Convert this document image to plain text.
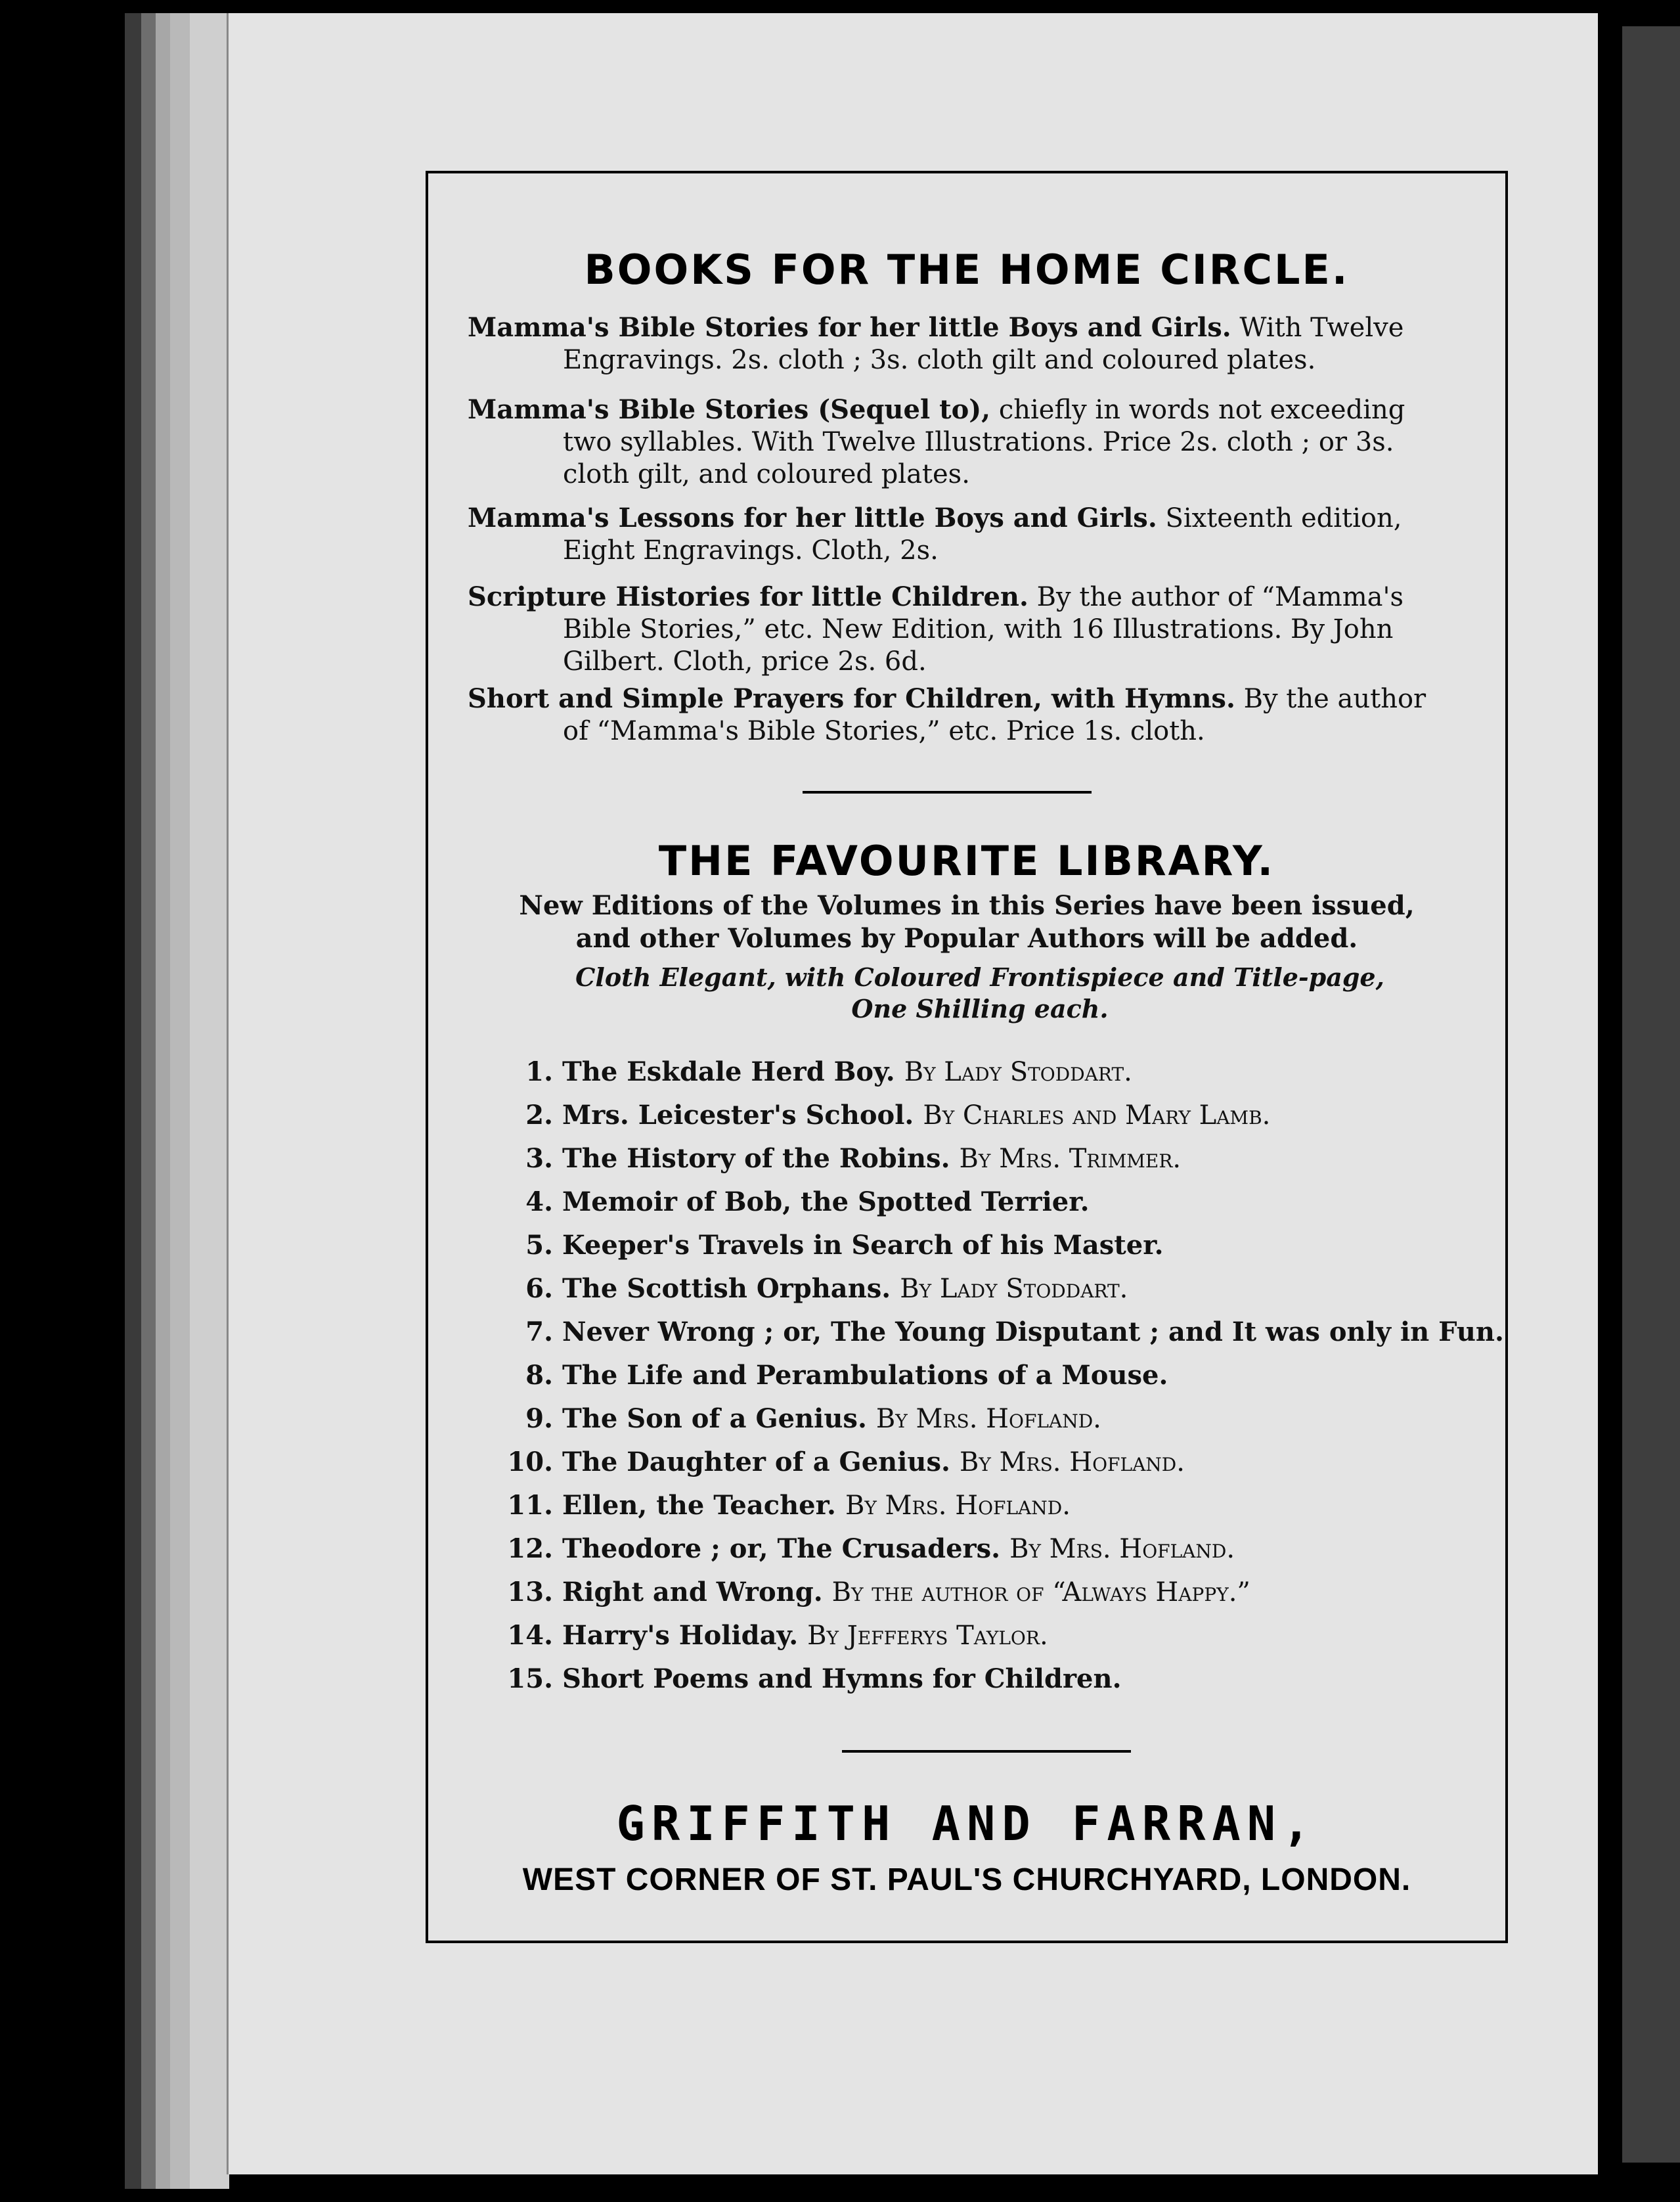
BOOKS FOR THE HOME CIRCLE.
Mamma's Bible Stories for her little Boys and Girls. With Twelve
Engravings. 2s. cloth ; 3s. cloth gilt and coloured plates.
Mamma's Bible Stories (Sequel to), chiefly in words not exceeding
two syllables. With Twelve Illustrations. Price 2s. cloth ; or 3s. cloth gilt, and coloured plates.
Mamma's Lessons for her little Boys and Girls. Sixteenth edition,
Eight Engravings. Cloth, 2s.
Scripture Histories for little Children. By the author of “Mamma's
Bible Stories,” etc. New Edition, with 16 Illustrations. By John Gilbert. Cloth, price 2s. 6d.
Short and Simple Prayers for Children, with Hymns. By the author
of “Mamma's Bible Stories,” etc. Price 1s. cloth.
THE FAVOURITE LIBRARY.
New Editions of the Volumes in this Series have been issued, and other Volumes by Popular Authors will be added.
Cloth Elegant, with Coloured Frontispiece and Title-page,
One Shilling each.
1. The Eskdale Herd Boy. By Lady Stoddart.
2. Mrs. Leicester's School. By Charles and Mary Lamb.
3. The History of the Robins. By Mrs. Trimmer.
4. Memoir of Bob, the Spotted Terrier.
5. Keeper's Travels in Search of his Master.
6. The Scottish Orphans. By Lady Stoddart.
7. Never Wrong ; or, The Young Disputant ; and It was only in Fun.
8. The Life and Perambulations of a Mouse.
9. The Son of a Genius. By Mrs. Hofland.
10. The Daughter of a Genius. By Mrs. Hofland.
11. Ellen, the Teacher. By Mrs. Hofland.
12. Theodore ; or, The Crusaders. By Mrs. Hofland.
13. Right and Wrong. By the author of “Always Happy.”
14. Harry's Holiday. By Jefferys Taylor.
15. Short Poems and Hymns for Children.
GRIFFITH AND FARRAN,
WEST CORNER OF ST. PAUL'S CHURCHYARD, LONDON.
